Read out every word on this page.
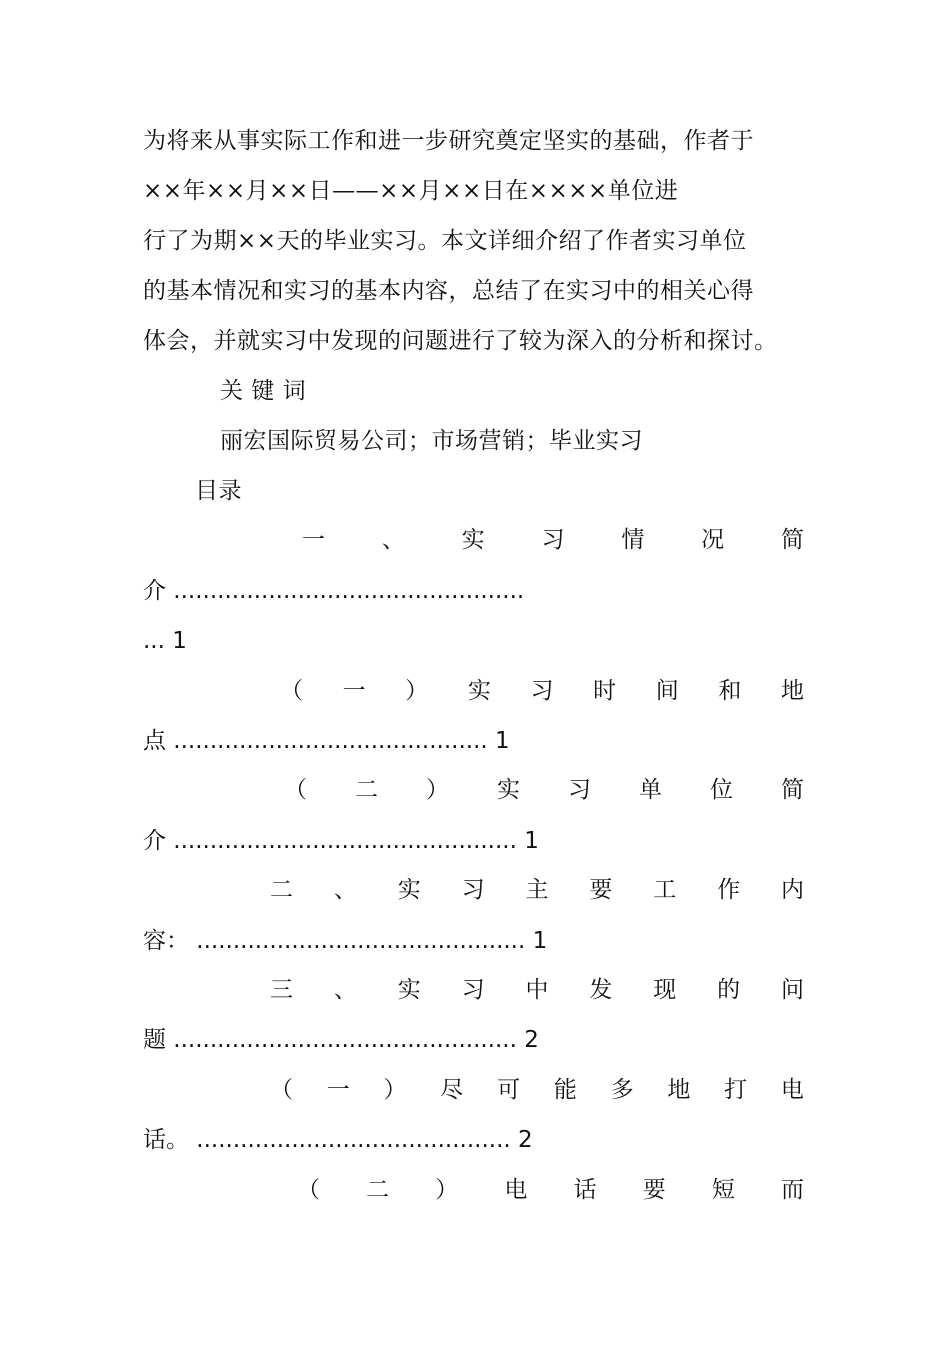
为将来从事实际工作和进一步研究奠定坚实的基础，作者于
××年××月××日——××月××日在××××单位进
行了为期××天的毕业实习。本文详细介绍了作者实习单位
的基本情况和实习的基本内容，总结了在实习中的相关心得
体会，并就实习中发现的问题进行了较为深入的分析和探讨。
关 键 词
丽宏国际贸易公司；市场营销；毕业实习
目录
一 、 实 习 情 况 简
介 ................................................
... 1
（ 一 ） 实 习 时 间 和 地
点 ........................................... 1
（ 二 ） 实 习 单 位 简
介 ............................................... 1
二 、 实 习 主 要 工 作 内
容： ............................................. 1
三 、 实 习 中 发 现 的 问
题 ............................................... 2
（ 一 ） 尽 可 能 多 地 打 电
话。 ........................................... 2
（ 二 ） 电 话 要 短 而
